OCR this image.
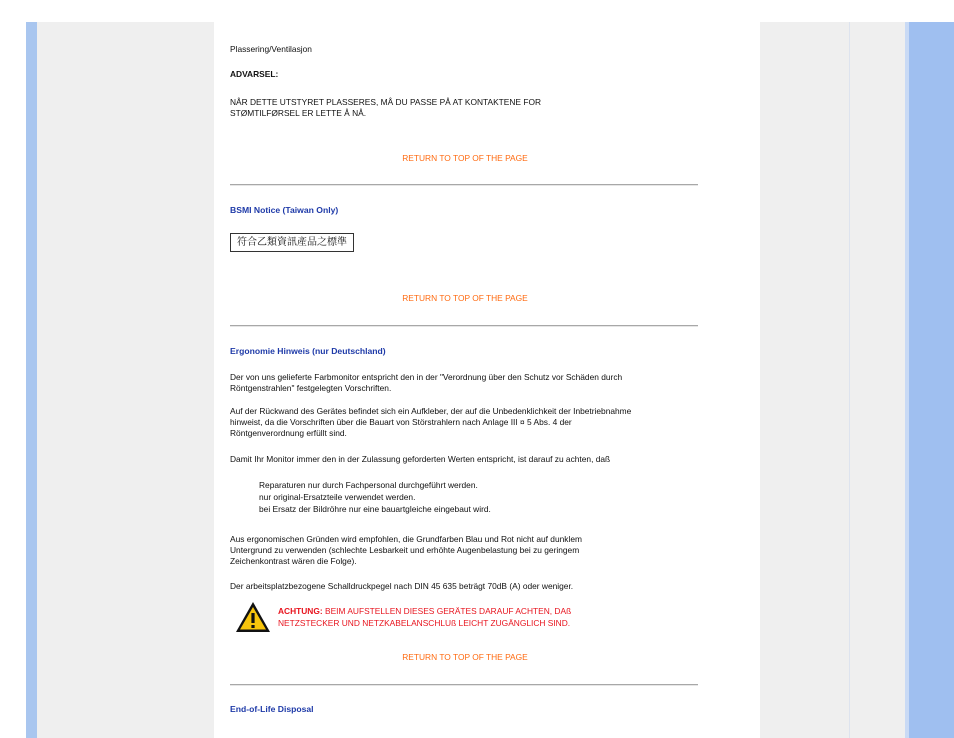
Plassering/Ventilasjon

ADVARSEL:

NÅR DETTE UTSTYRET PLASSERES, MÅ DU PASSE PÅ AT KONTAKTENE FOR

STØMTILFØRSEL ER LETTE Å NÅ.

RETURN TO TOP OF THE PAGE

BSMI Notice (Taiwan Only)

符合乙類資訊產品之標準
RETURN TO TOP OF THE PAGE

Ergonomie Hinweis (nur Deutschland)

Der von uns gelieferte Farbmonitor entspricht den in der "Verordnung über den Schutz vor Schäden durch

Röntgenstrahlen" festgelegten Vorschriften.

Auf der Rückwand des Gerätes befindet sich ein Aufkleber, der auf die Unbedenklichkeit der Inbetriebnahme

hinweist, da die Vorschriften über die Bauart von Störstrahlern nach Anlage III ¤ 5 Abs. 4 der

Röntgenverordnung erfüllt sind.

Damit Ihr Monitor immer den in der Zulassung geforderten Werten entspricht, ist darauf zu achten, daß

Reparaturen nur durch Fachpersonal durchgeführt werden.

nur original-Ersatzteile verwendet werden.

bei Ersatz der Bildröhre nur eine bauartgleiche eingebaut wird.

Aus ergonomischen Gründen wird empfohlen, die Grundfarben Blau und Rot nicht auf dunklem

Untergrund zu verwenden (schlechte Lesbarkeit und erhöhte Augenbelastung bei zu geringem

Zeichenkontrast wären die Folge).

Der arbeitsplatzbezogene Schalldruckpegel nach DIN 45 635 beträgt 70dB (A) oder weniger.

ACHTUNG: BEIM AUFSTELLEN DIESES GERÄTES DARAUF ACHTEN, DAß

NETZSTECKER UND NETZKABELANSCHLUß LEICHT ZUGÄNGLICH SIND.

RETURN TO TOP OF THE PAGE

End-of-Life Disposal
